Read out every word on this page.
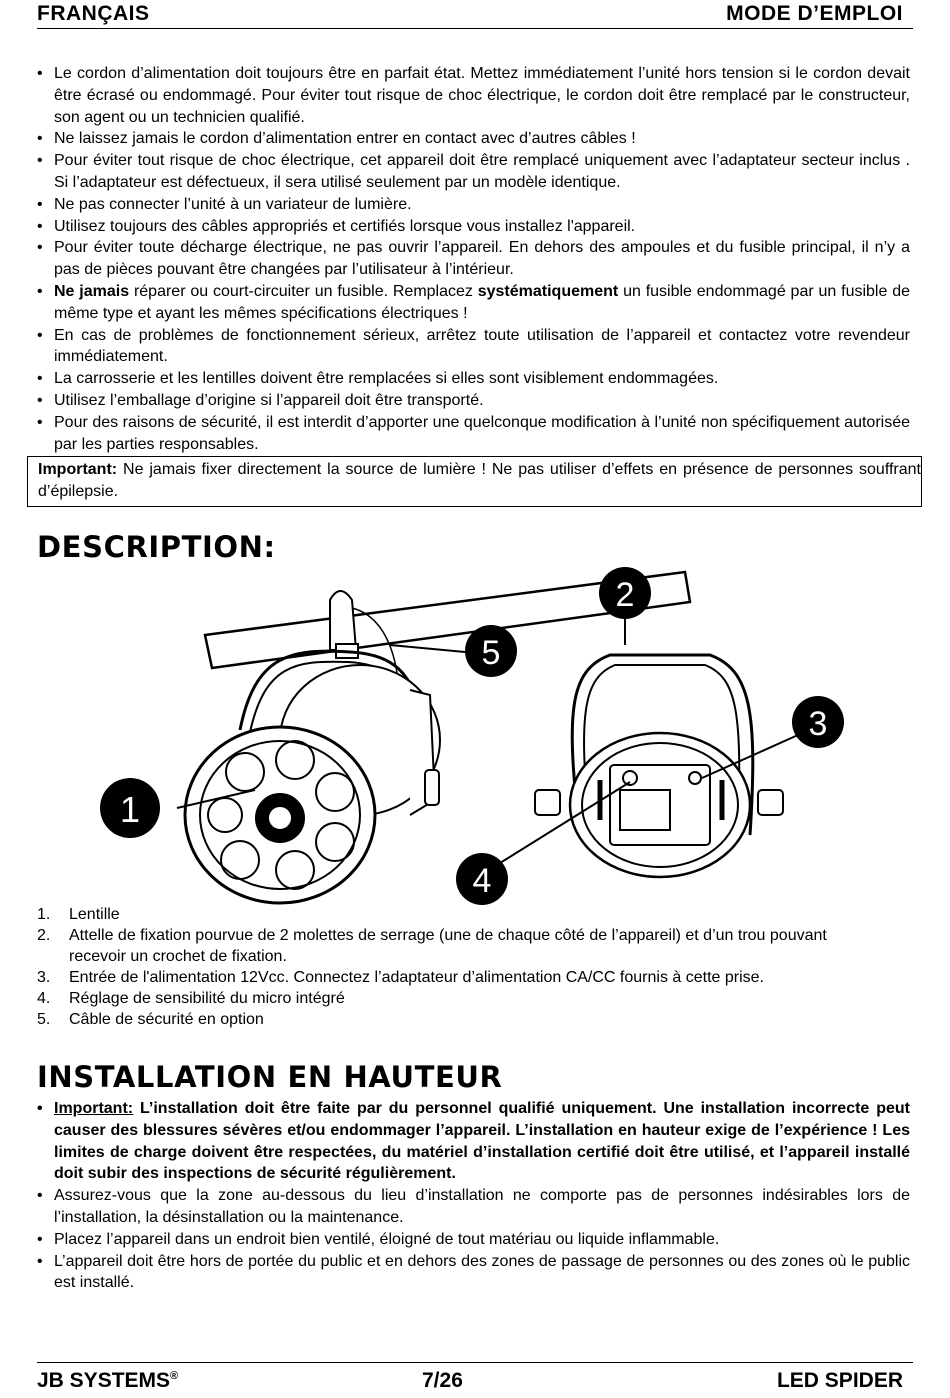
FRANÇAIS	MODE D’EMPLOI
• Le cordon d’alimentation doit toujours être en parfait état. Mettez immédiatement l’unité hors tension si le cordon devait être écrasé ou endommagé. Pour éviter tout risque de choc électrique, le cordon doit être remplacé par le constructeur, son agent ou un technicien qualifié.
• Ne laissez jamais le cordon d’alimentation entrer en contact avec d’autres câbles !
• Pour éviter tout risque de choc électrique, cet appareil doit être remplacé uniquement avec l’adaptateur secteur inclus . Si l’adaptateur est défectueux, il sera utilisé seulement par un modèle identique.
• Ne pas connecter l’unité à un variateur de lumière.
• Utilisez toujours des câbles appropriés et certifiés lorsque vous installez l'appareil.
• Pour éviter toute décharge électrique, ne pas ouvrir l’appareil. En dehors des ampoules et du fusible principal, il n’y a pas de pièces pouvant être changées par l’utilisateur à l’intérieur.
• Ne jamais réparer ou court-circuiter un fusible. Remplacez systématiquement un fusible endommagé par un fusible de même type et ayant les mêmes spécifications électriques !
• En cas de problèmes de fonctionnement sérieux, arrêtez toute utilisation de l’appareil et contactez votre revendeur immédiatement.
• La carrosserie et les lentilles doivent être remplacées si elles sont visiblement endommagées.
• Utilisez l’emballage d’origine si l’appareil doit être transporté.
• Pour des raisons de sécurité, il est interdit d’apporter une quelconque modification à l’unité non spécifiquement autorisée par les parties responsables.
Important: Ne jamais fixer directement la source de lumière ! Ne pas utiliser d’effets en présence de personnes souffrant d’épilepsie.
DESCRIPTION:
1
2
3
4
5
1. Lentille
2. Attelle de fixation pourvue de 2 molettes de serrage (une de chaque côté de l’appareil) et d’un trou pouvant recevoir un crochet de fixation.
3. Entrée de l'alimentation 12Vcc. Connectez l’adaptateur d’alimentation CA/CC fournis à cette prise.
4. Réglage de sensibilité du micro intégré
5. Câble de sécurité en option
INSTALLATION EN HAUTEUR
• Important: L’installation doit être faite par du personnel qualifié uniquement. Une installation incorrecte peut causer des blessures sévères et/ou endommager l’appareil. L’installation en hauteur exige de l’expérience ! Les limites de charge doivent être respectées, du matériel d’installation certifié doit être utilisé, et l’appareil installé doit subir des inspections de sécurité régulièrement.
• Assurez-vous que la zone au-dessous du lieu d’installation ne comporte pas de personnes indésirables lors de l’installation, la désinstallation ou la maintenance.
• Placez l’appareil dans un endroit bien ventilé, éloigné de tout matériau ou liquide inflammable.
• L’appareil doit être hors de portée du public et en dehors des zones de passage de personnes ou des zones où le public est installé.
JB SYSTEMS®	7/26	LED SPIDER
